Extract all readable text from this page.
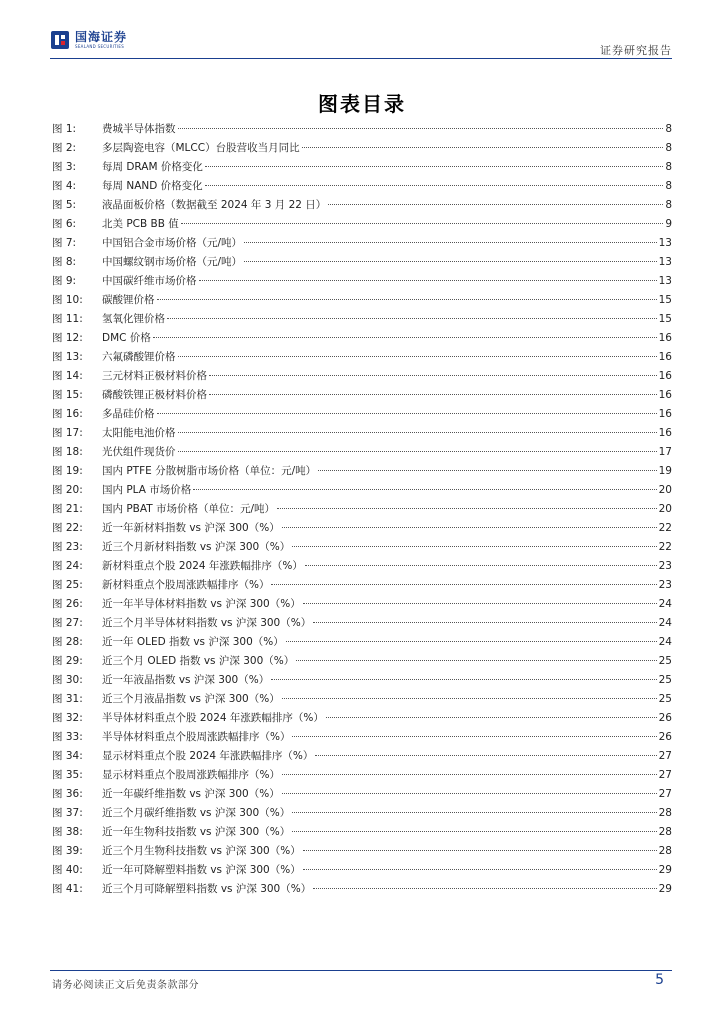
国海证券
SEALAND SECURITIES	证券研究报告
图表目录
图 1:	费城半导体指数	8
图 2:	多层陶瓷电容（MLCC）台股营收当月同比	8
图 3:	每周 DRAM 价格变化	8
图 4:	每周 NAND 价格变化	8
图 5:	液晶面板价格（数据截至 2024 年 3 月 22 日）	8
图 6:	北美 PCB BB 值	9
图 7:	中国铝合金市场价格（元/吨）	13
图 8:	中国螺纹钢市场价格（元/吨）	13
图 9:	中国碳纤维市场价格	13
图 10:	碳酸锂价格	15
图 11:	氢氧化锂价格	15
图 12:	DMC 价格	16
图 13:	六氟磷酸锂价格	16
图 14:	三元材料正极材料价格	16
图 15:	磷酸铁锂正极材料价格	16
图 16:	多晶硅价格	16
图 17:	太阳能电池价格	16
图 18:	光伏组件现货价	17
图 19:	国内 PTFE 分散树脂市场价格（单位：元/吨）	19
图 20:	国内 PLA 市场价格	20
图 21:	国内 PBAT 市场价格（单位：元/吨）	20
图 22:	近一年新材料指数 vs 沪深 300（%）	22
图 23:	近三个月新材料指数 vs 沪深 300（%）	22
图 24:	新材料重点个股 2024 年涨跌幅排序（%）	23
图 25:	新材料重点个股周涨跌幅排序（%）	23
图 26:	近一年半导体材料指数 vs 沪深 300（%）	24
图 27:	近三个月半导体材料指数 vs 沪深 300（%）	24
图 28:	近一年 OLED 指数 vs 沪深 300（%）	24
图 29:	近三个月 OLED 指数 vs 沪深 300（%）	25
图 30:	近一年液晶指数 vs 沪深 300（%）	25
图 31:	近三个月液晶指数 vs 沪深 300（%）	25
图 32:	半导体材料重点个股 2024 年涨跌幅排序（%）	26
图 33:	半导体材料重点个股周涨跌幅排序（%）	26
图 34:	显示材料重点个股 2024 年涨跌幅排序（%）	27
图 35:	显示材料重点个股周涨跌幅排序（%）	27
图 36:	近一年碳纤维指数 vs 沪深 300（%）	27
图 37:	近三个月碳纤维指数 vs 沪深 300（%）	28
图 38:	近一年生物科技指数 vs 沪深 300（%）	28
图 39:	近三个月生物科技指数 vs 沪深 300（%）	28
图 40:	近一年可降解塑料指数 vs 沪深 300（%）	29
图 41:	近三个月可降解塑料指数 vs 沪深 300（%）	29
请务必阅读正文后免责条款部分	5
